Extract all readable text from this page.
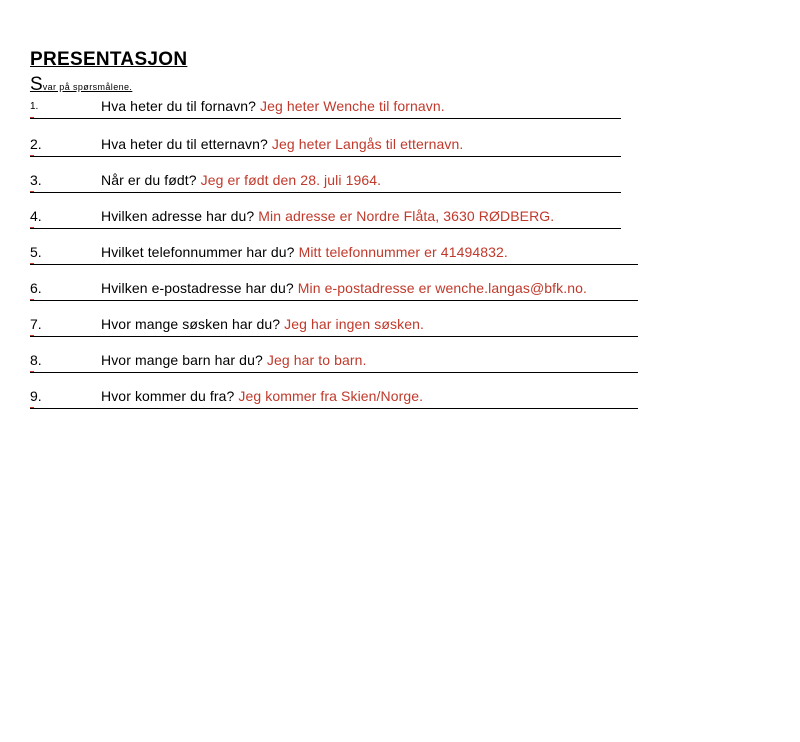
PRESENTASJON
Svar på spørsmålene.
1.	Hva heter du til fornavn? Jeg heter Wenche til fornavn.
2.	Hva heter du til etternavn? Jeg heter Langås til etternavn.
3.	Når er du født? Jeg er født den 28. juli 1964.
4.	Hvilken adresse har du? Min adresse er Nordre Flåta, 3630 RØDBERG.
5.	Hvilket telefonnummer har du? Mitt telefonnummer er 41494832.
6.	Hvilken e-postadresse har du? Min e-postadresse er wenche.langas@bfk.no.
7.	Hvor mange søsken har du? Jeg har ingen søsken.
8.	Hvor mange barn har du? Jeg har to barn.
9.	Hvor kommer du fra? Jeg kommer fra Skien/Norge.
